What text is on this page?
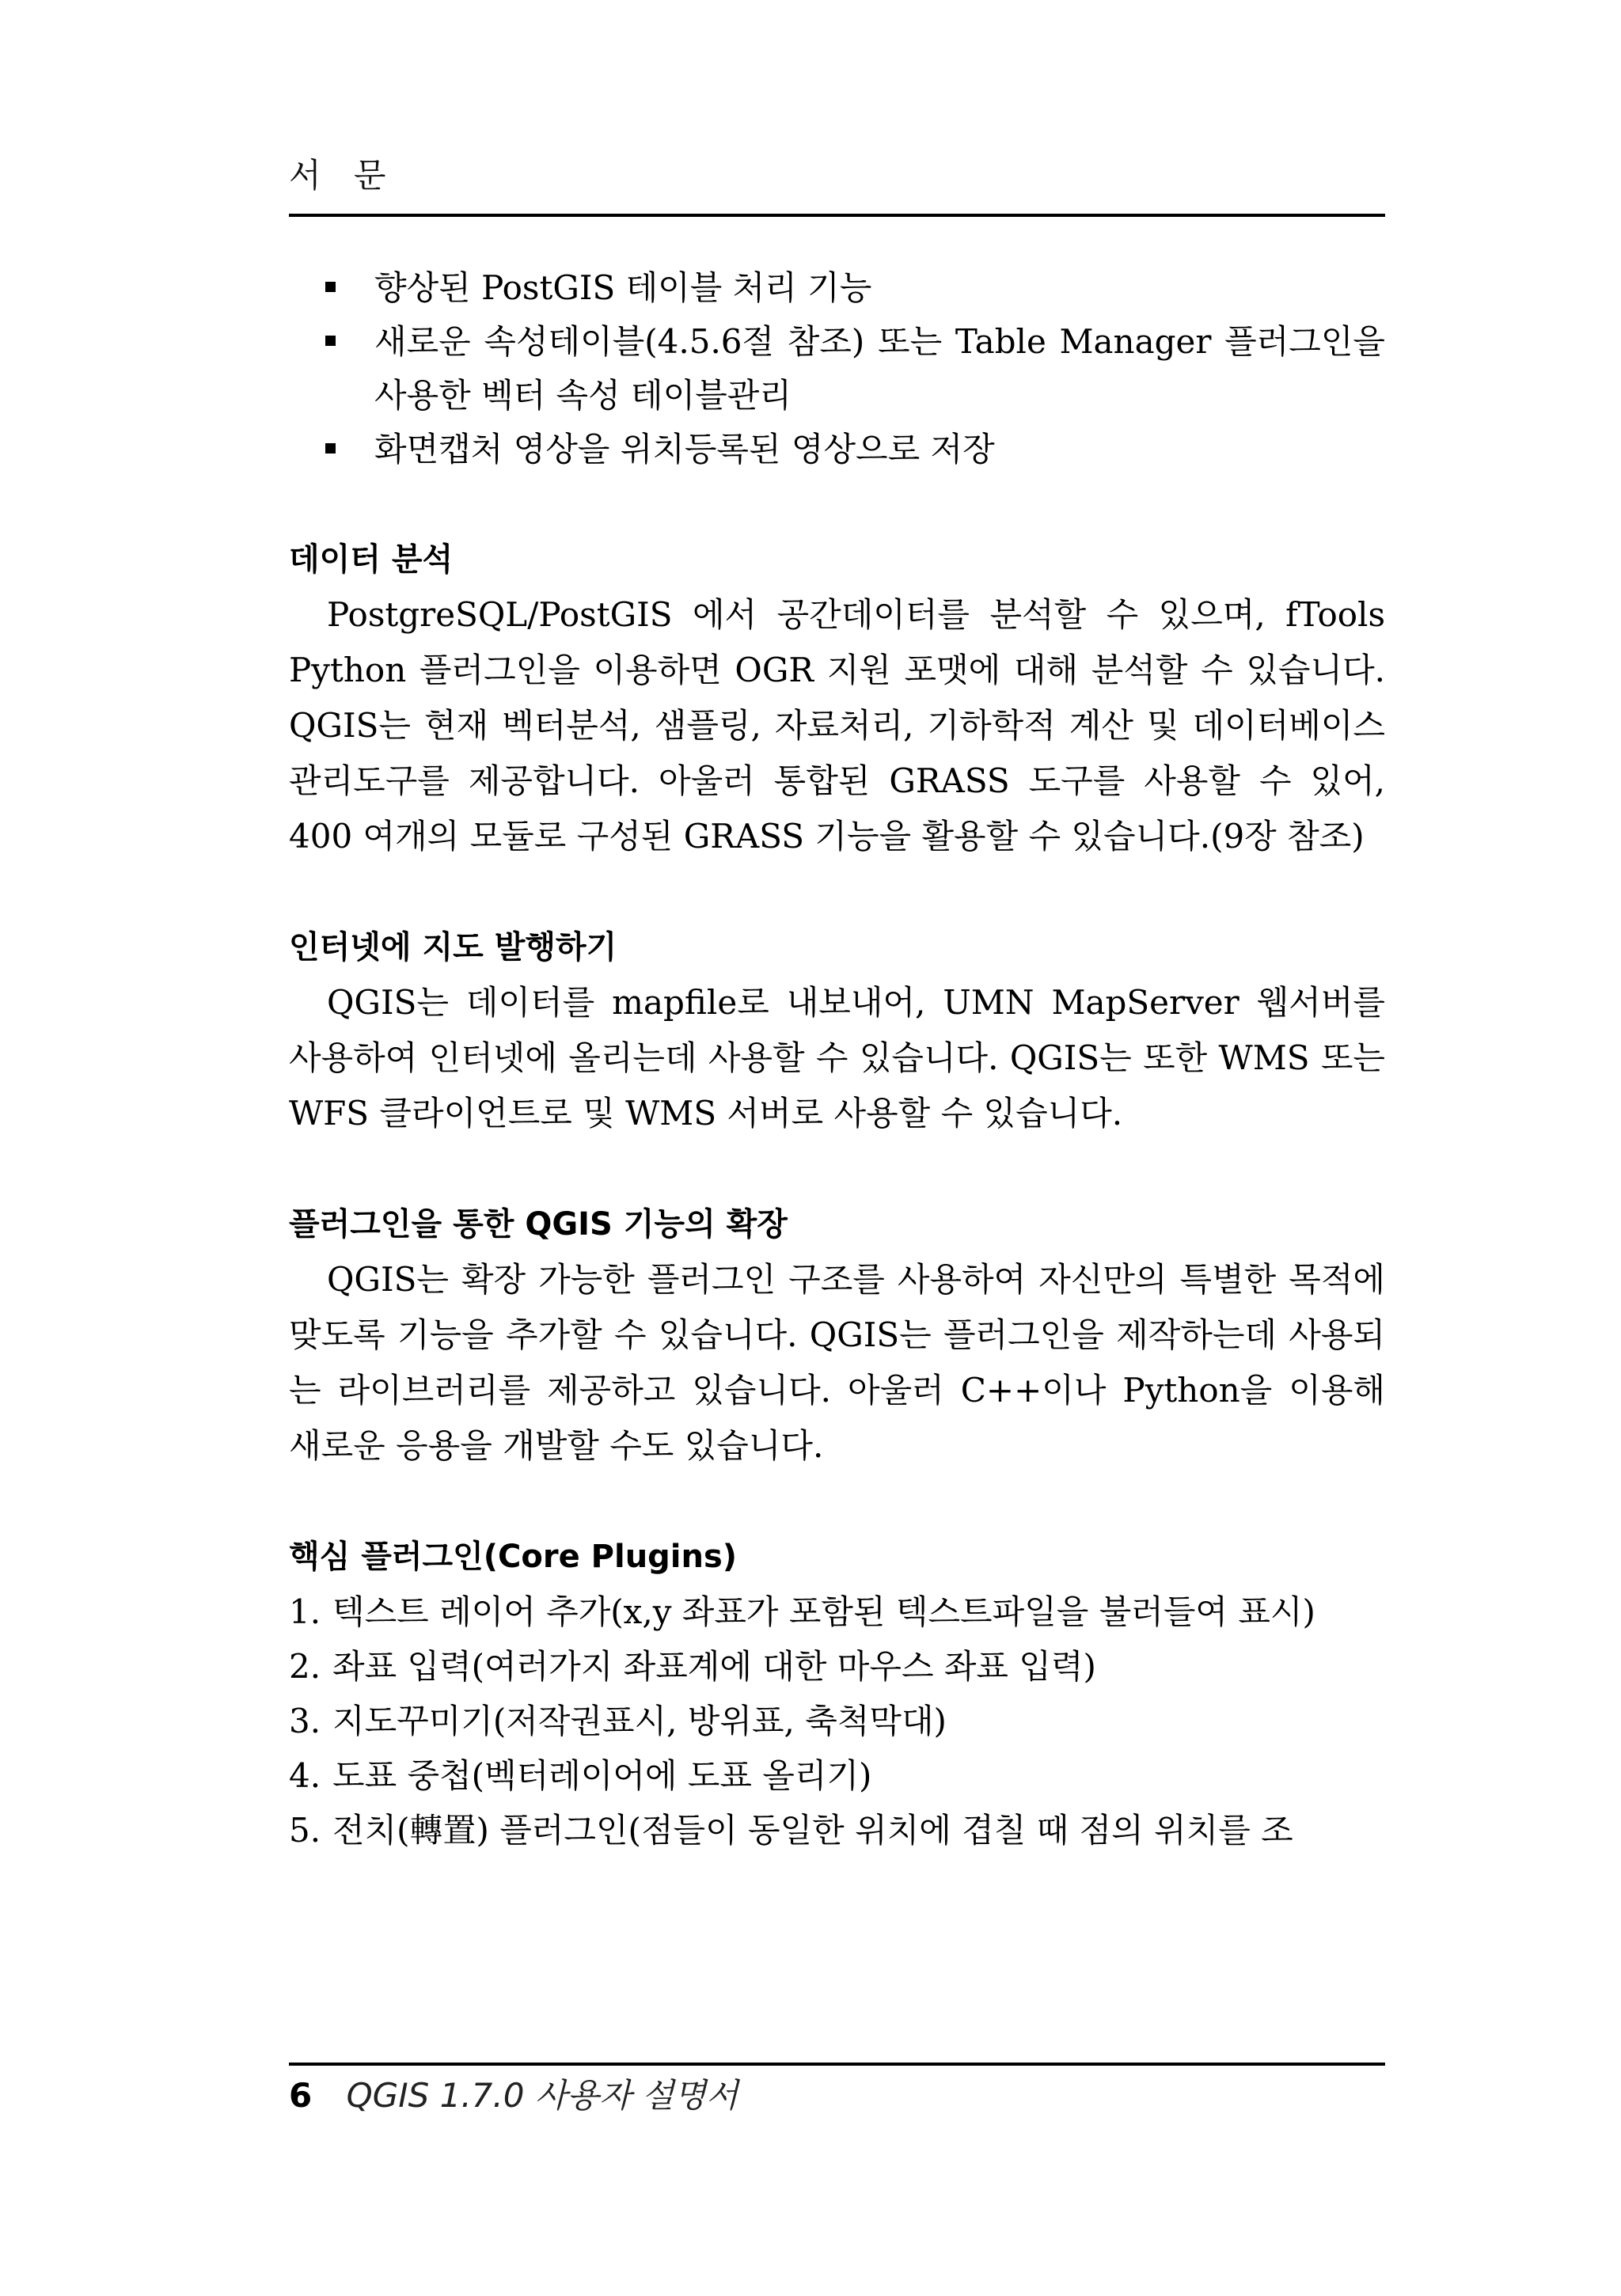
서 문
향상된 PostGIS 테이블 처리 기능
새로운 속성테이블(4.5.6절 참조) 또는 Table Manager 플러그인을 사용한 벡터 속성 테이블관리
화면캡처 영상을 위치등록된 영상으로 저장
데이터 분석

PostgreSQL/PostGIS 에서 공간데이터를 분석할 수 있으며, fTools Python 플러그인을 이용하면 OGR 지원 포맷에 대해 분석할 수 있습니다. QGIS는 현재 벡터분석, 샘플링, 자료처리, 기하학적 계산 및 데이터베이스 관리도구를 제공합니다. 아울러 통합된 GRASS 도구를 사용할 수 있어, 400 여개의 모듈로 구성된 GRASS 기능을 활용할 수 있습니다.(9장 참조)

인터넷에 지도 발행하기

QGIS는 데이터를 mapfile로 내보내어, UMN MapServer 웹서버를 사용하여 인터넷에 올리는데 사용할 수 있습니다. QGIS는 또한 WMS 또는 WFS 클라이언트로 및 WMS 서버로 사용할 수 있습니다.

플러그인을 통한 QGIS 기능의 확장

QGIS는 확장 가능한 플러그인 구조를 사용하여 자신만의 특별한 목적에 맞도록 기능을 추가할 수 있습니다. QGIS는 플러그인을 제작하는데 사용되는 라이브러리를 제공하고 있습니다. 아울러 C++이나 Python을 이용해 새로운 응용을 개발할 수도 있습니다.

핵심 플러그인(Core Plugins)
1. 텍스트 레이어 추가(x,y 좌표가 포함된 텍스트파일을 불러들여 표시)
2. 좌표 입력(여러가지 좌표계에 대한 마우스 좌표 입력)
3. 지도꾸미기(저작권표시, 방위표, 축척막대)
4. 도표 중첩(벡터레이어에 도표 올리기)
5. 전치(轉置) 플러그인(점들이 동일한 위치에 겹칠 때 점의 위치를 조
6 QGIS 1.7.0 사용자 설명서
